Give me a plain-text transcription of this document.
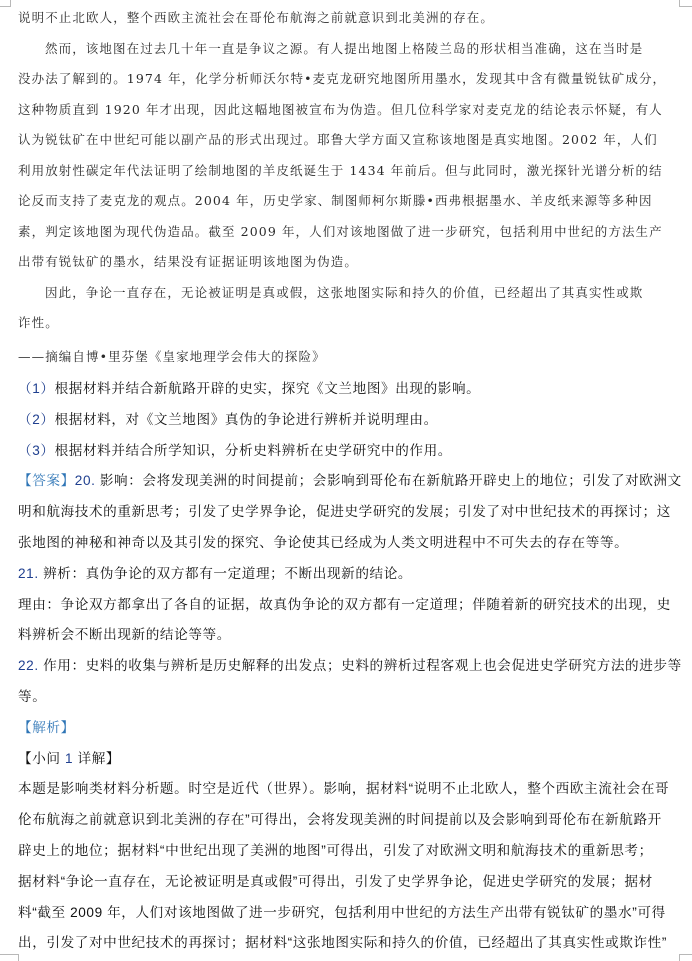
说明不止北欧人，整个西欧主流社会在哥伦布航海之前就意识到北美洲的存在。

然而，该地图在过去几十年一直是争议之源。有人提出地图上格陵兰岛的形状相当准确，这在当时是

没办法了解到的。1974 年，化学分析师沃尔特•麦克龙研究地图所用墨水，发现其中含有微量锐钛矿成分，

这种物质直到 1920 年才出现，因此这幅地图被宣布为伪造。但几位科学家对麦克龙的结论表示怀疑，有人

认为锐钛矿在中世纪可能以副产品的形式出现过。耶鲁大学方面又宣称该地图是真实地图。2002 年，人们

利用放射性碳定年代法证明了绘制地图的羊皮纸诞生于 1434 年前后。但与此同时，激光探针光谱分析的结

论反而支持了麦克龙的观点。2004 年，历史学家、制图师柯尔斯滕•西弗根据墨水、羊皮纸来源等多种因

素，判定该地图为现代伪造品。截至 2009 年，人们对该地图做了进一步研究，包括利用中世纪的方法生产

出带有锐钛矿的墨水，结果没有证据证明该地图为伪造。

因此，争论一直存在，无论被证明是真或假，这张地图实际和持久的价值，已经超出了其真实性或欺

诈性。

——摘编自博•里芬堡《皇家地理学会伟大的探险》

（1）根据材料并结合新航路开辟的史实，探究《文兰地图》出现的影响。

（2）根据材料，对《文兰地图》真伪的争论进行辨析并说明理由。

（3）根据材料并结合所学知识，分析史料辨析在史学研究中的作用。

【答案】20. 影响：会将发现美洲的时间提前；会影响到哥伦布在新航路开辟史上的地位；引发了对欧洲文

明和航海技术的重新思考；引发了史学界争论，促进史学研究的发展；引发了对中世纪技术的再探讨；这

张地图的神秘和神奇以及其引发的探究、争论使其已经成为人类文明进程中不可失去的存在等等。

21. 辨析：真伪争论的双方都有一定道理；不断出现新的结论。

理由：争论双方都拿出了各自的证据，故真伪争论的双方都有一定道理；伴随着新的研究技术的出现，史

料辨析会不断出现新的结论等等。

22. 作用：史料的收集与辨析是历史解释的出发点；史料的辨析过程客观上也会促进史学研究方法的进步等

等。

【解析】

【小问 1 详解】

本题是影响类材料分析题。时空是近代（世界）。影响，据材料“说明不止北欧人，整个西欧主流社会在哥

伦布航海之前就意识到北美洲的存在”可得出，会将发现美洲的时间提前以及会影响到哥伦布在新航路开

辟史上的地位；据材料“中世纪出现了美洲的地图”可得出，引发了对欧洲文明和航海技术的重新思考；

据材料“争论一直存在，无论被证明是真或假”可得出，引发了史学界争论，促进史学研究的发展；据材

料“截至 2009 年，人们对该地图做了进一步研究，包括利用中世纪的方法生产出带有锐钛矿的墨水”可得

出，引发了对中世纪技术的再探讨；据材料“这张地图实际和持久的价值，已经超出了其真实性或欺诈性”
